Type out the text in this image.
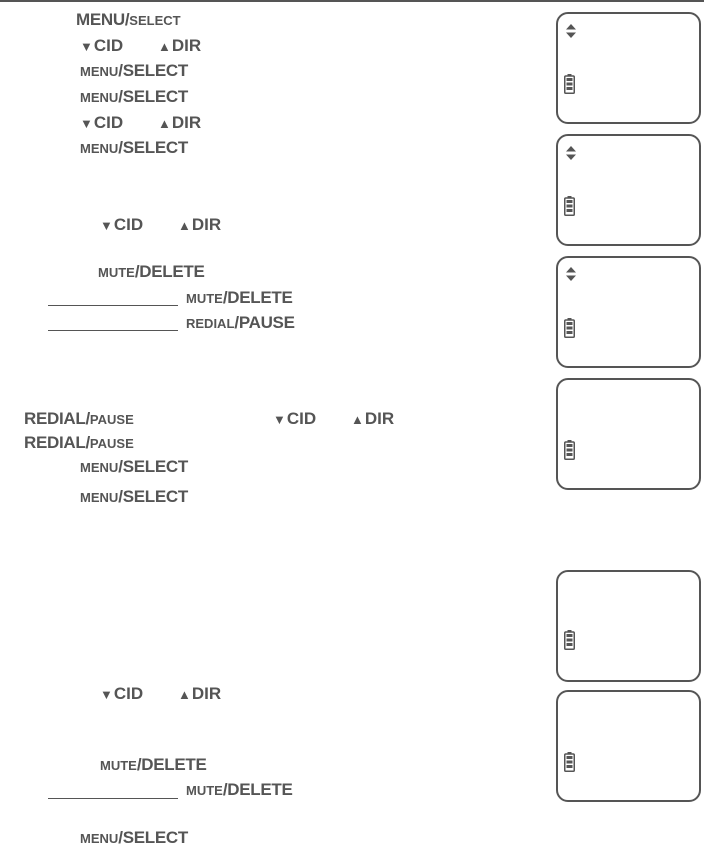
MENU/SELECT
▼CID	▲DIR
MENU/SELECT
MENU/SELECT
▼CID	▲DIR
MENU/SELECT
▼CID	▲DIR
MUTE/DELETE
MUTE/DELETE
REDIAL/PAUSE
REDIAL/PAUSE	▼CID	▲DIR
REDIAL/PAUSE
MENU/SELECT
MENU/SELECT
▼CID	▲DIR
MUTE/DELETE
MUTE/DELETE
MENU/SELECT
